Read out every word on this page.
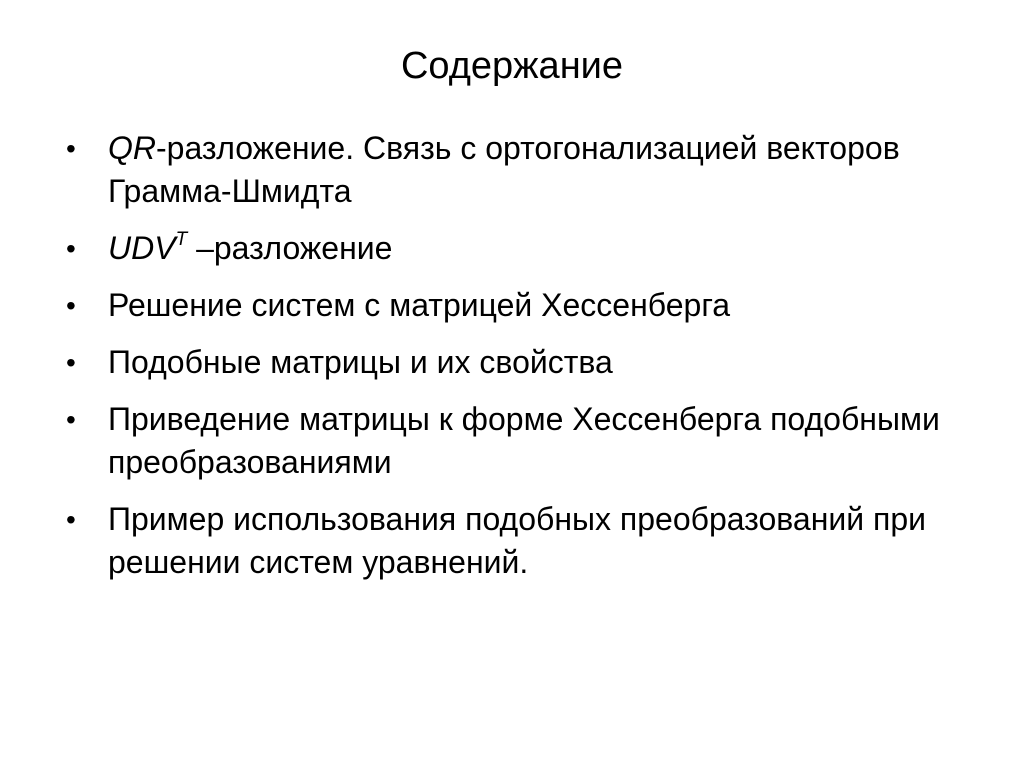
Содержание
•	QR-разложение. Связь с ортогонализацией векторов Грамма-Шмидта
•	$UDV^T$ –разложение
•	Решение систем с матрицей Хессенберга
•	Подобные матрицы и их свойства
•	Приведение матрицы к форме Хессенберга подобными преобразованиями
•	Пример использования подобных преобразований при решении систем уравнений.
